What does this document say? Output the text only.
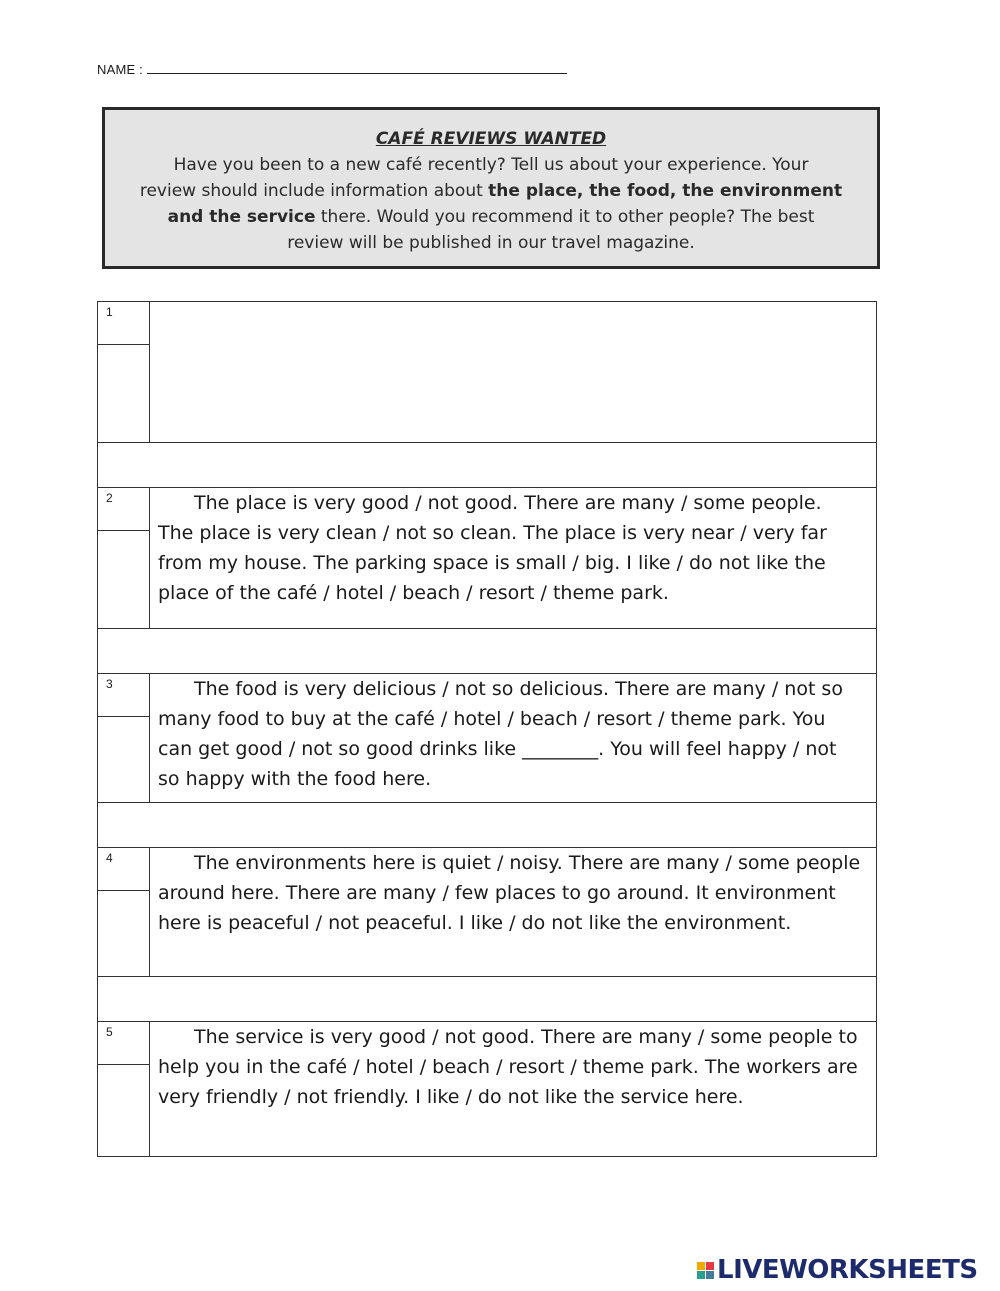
NAME :
CAFÉ REVIEWS WANTED
Have you been to a new café recently? Tell us about your experience. Your
review should include information about the place, the food, the environment
and the service there. Would you recommend it to other people? The best
review will be published in our travel magazine.
1	

2	The place is very good / not good. There are many / some people. The place is very clean / not so clean. The place is very near / very far from my house. The parking space is small / big. I like / do not like the place of the café / hotel / beach / resort / theme park.

3	The food is very delicious / not so delicious. There are many / not so many food to buy at the café / hotel / beach / resort / theme park. You can get good / not so good drinks like ________. You will feel happy / not so happy with the food here.

4	The environments here is quiet / noisy. There are many / some people around here. There are many / few places to go around. It environment here is peaceful / not peaceful. I like / do not like the environment.

5	The service is very good / not good. There are many / some people to help you in the café / hotel / beach / resort / theme park. The workers are very friendly / not friendly. I like / do not like the service here.

LIVEWORKSHEETS
